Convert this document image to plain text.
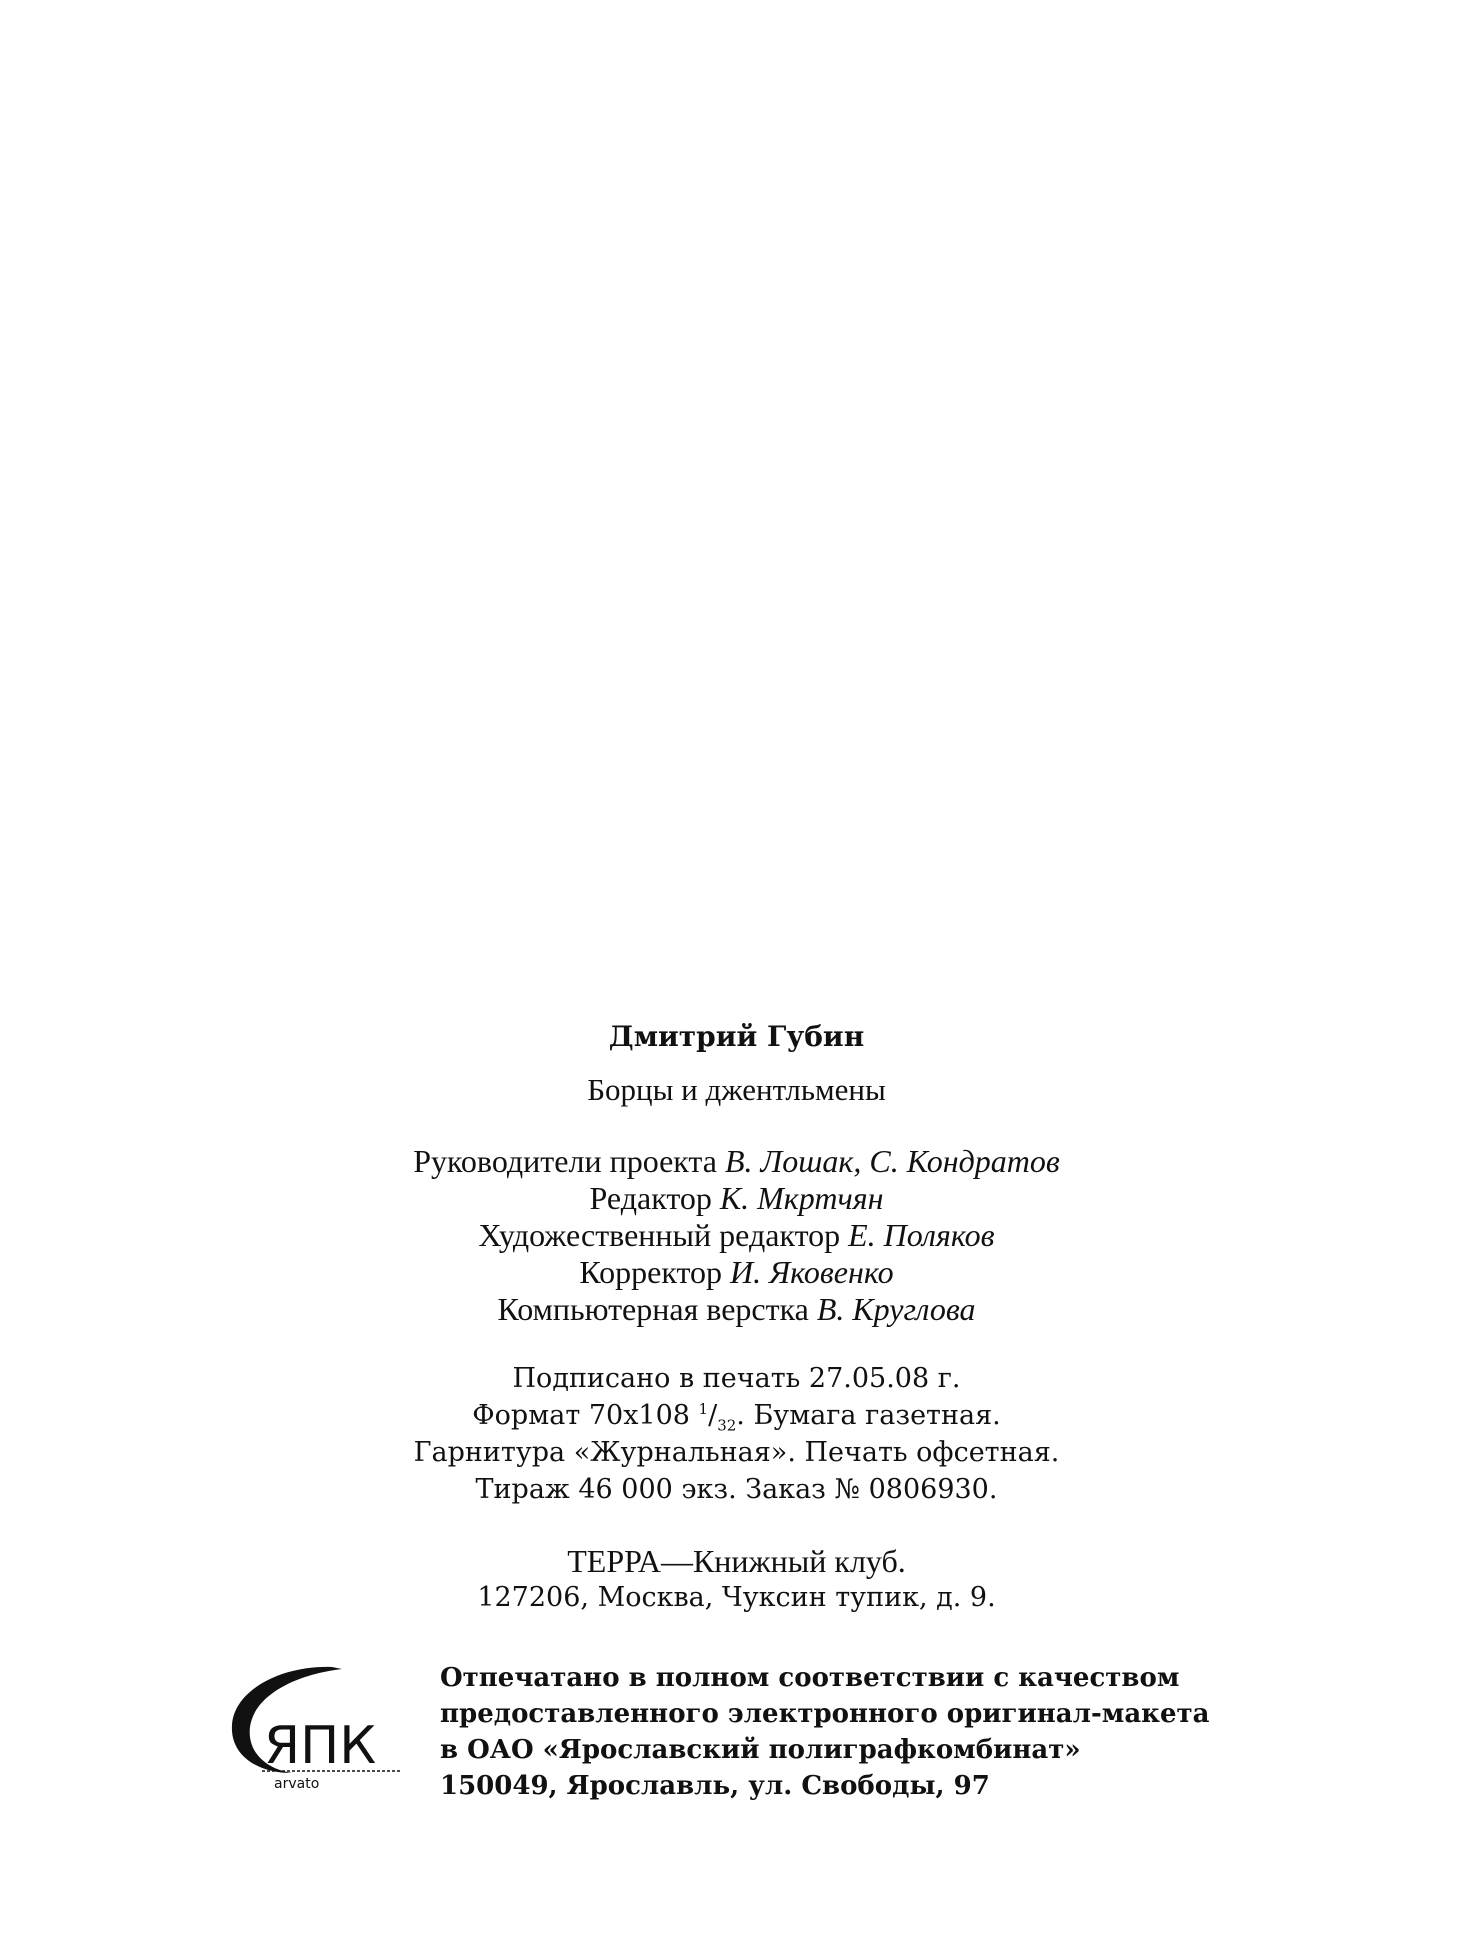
Дмитрий Губин
Борцы и джентльмены
Руководители проекта В. Лошак, С. Кондратов
Редактор К. Мкртчян
Художественный редактор Е. Поляков
Корректор И. Яковенко
Компьютерная верстка В. Круглова
Подписано в печать 27.05.08 г.
Формат 70x108 $^1/_{32}$. Бумага газетная.
Гарнитура «Журнальная». Печать офсетная.
Тираж 46 000 экз. Заказ № 0806930.
ТЕРРА—Книжный клуб.
127206, Москва, Чуксин тупик, д. 9.
ЯПК
arvato
Отпечатано в полном соответствии с качеством
предоставленного электронного оригинал-макета
в ОАО «Ярославский полиграфкомбинат»
150049, Ярославль, ул. Свободы, 97
